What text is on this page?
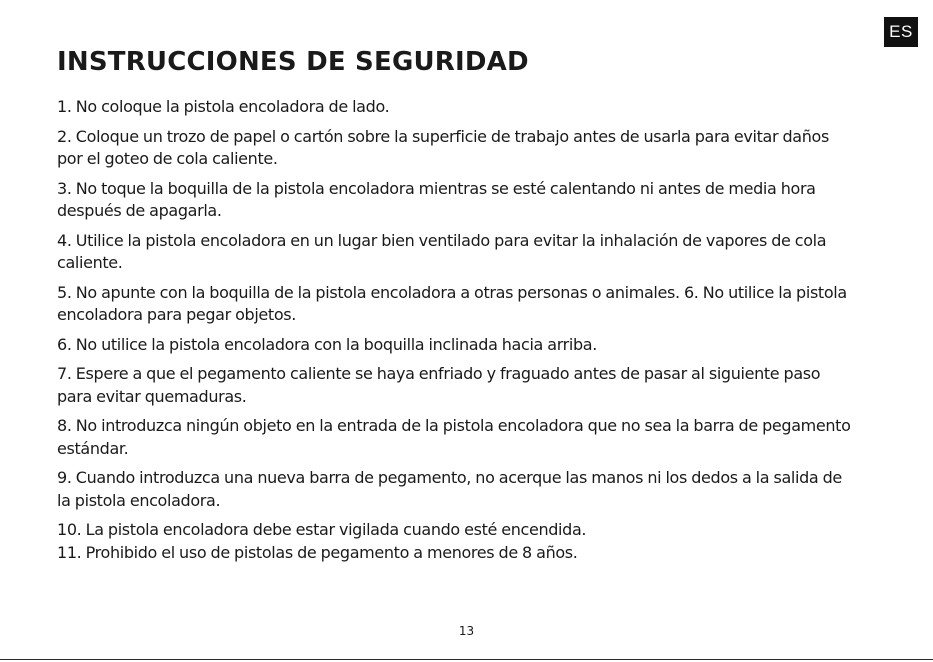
ES
INSTRUCCIONES DE SEGURIDAD
1. No coloque la pistola encoladora de lado.
2. Coloque un trozo de papel o cartón sobre la superficie de trabajo antes de usarla para evitar daños por el goteo de cola caliente.
3. No toque la boquilla de la pistola encoladora mientras se esté calentando ni antes de media hora después de apagarla.
4. Utilice la pistola encoladora en un lugar bien ventilado para evitar la inhalación de vapores de cola caliente.
5. No apunte con la boquilla de la pistola encoladora a otras personas o animales. 6. No utilice la pistola encoladora para pegar objetos.
6. No utilice la pistola encoladora con la boquilla inclinada hacia arriba.
7. Espere a que el pegamento caliente se haya enfriado y fraguado antes de pasar al siguiente paso para evitar quemaduras.
8. No introduzca ningún objeto en la entrada de la pistola encoladora que no sea la barra de pegamento estándar.
9. Cuando introduzca una nueva barra de pegamento, no acerque las manos ni los dedos a la salida de la pistola encoladora.
10. La pistola encoladora debe estar vigilada cuando esté encendida.
11. Prohibido el uso de pistolas de pegamento a menores de 8 años.
13
